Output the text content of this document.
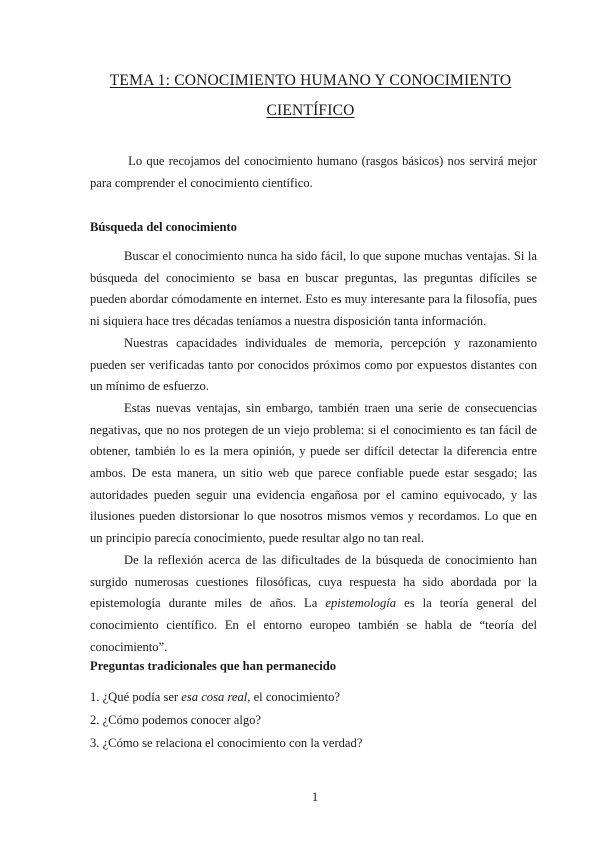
TEMA 1: CONOCIMIENTO HUMANO Y CONOCIMIENTO
CIENTÍFICO

Lo que recojamos del conocimiento humano (rasgos básicos) nos servirá mejor para comprender el conocimiento científico.

Búsqueda del conocimiento

Buscar el conocimiento nunca ha sido fácil, lo que supone muchas ventajas. Si la búsqueda del conocimiento se basa en buscar preguntas, las preguntas difíciles se pueden abordar cómodamente en internet. Esto es muy interesante para la filosofía, pues ni siquiera hace tres décadas teníamos a nuestra disposición tanta información.

Nuestras capacidades individuales de memoria, percepción y razonamiento pueden ser verificadas tanto por conocidos próximos como por expuestos distantes con un mínimo de esfuerzo.

Estas nuevas ventajas, sin embargo, también traen una serie de consecuencias negativas, que no nos protegen de un viejo problema: si el conocimiento es tan fácil de obtener, también lo es la mera opinión, y puede ser difícil detectar la diferencia entre ambos. De esta manera, un sitio web que parece confiable puede estar sesgado; las autoridades pueden seguir una evidencia engañosa por el camino equivocado, y las ilusiones pueden distorsionar lo que nosotros mismos vemos y recordamos. Lo que en un principio parecía conocimiento, puede resultar algo no tan real.

De la reflexión acerca de las dificultades de la búsqueda de conocimiento han surgido numerosas cuestiones filosóficas, cuya respuesta ha sido abordada por la epistemología durante miles de años. La epistemología es la teoría general del conocimiento científico. En el entorno europeo también se habla de “teoría del conocimiento”.

Preguntas tradicionales que han permanecido

1. ¿Qué podía ser esa cosa real, el conocimiento?

2. ¿Cómo podemos conocer algo?

3. ¿Cómo se relaciona el conocimiento con la verdad?

1
